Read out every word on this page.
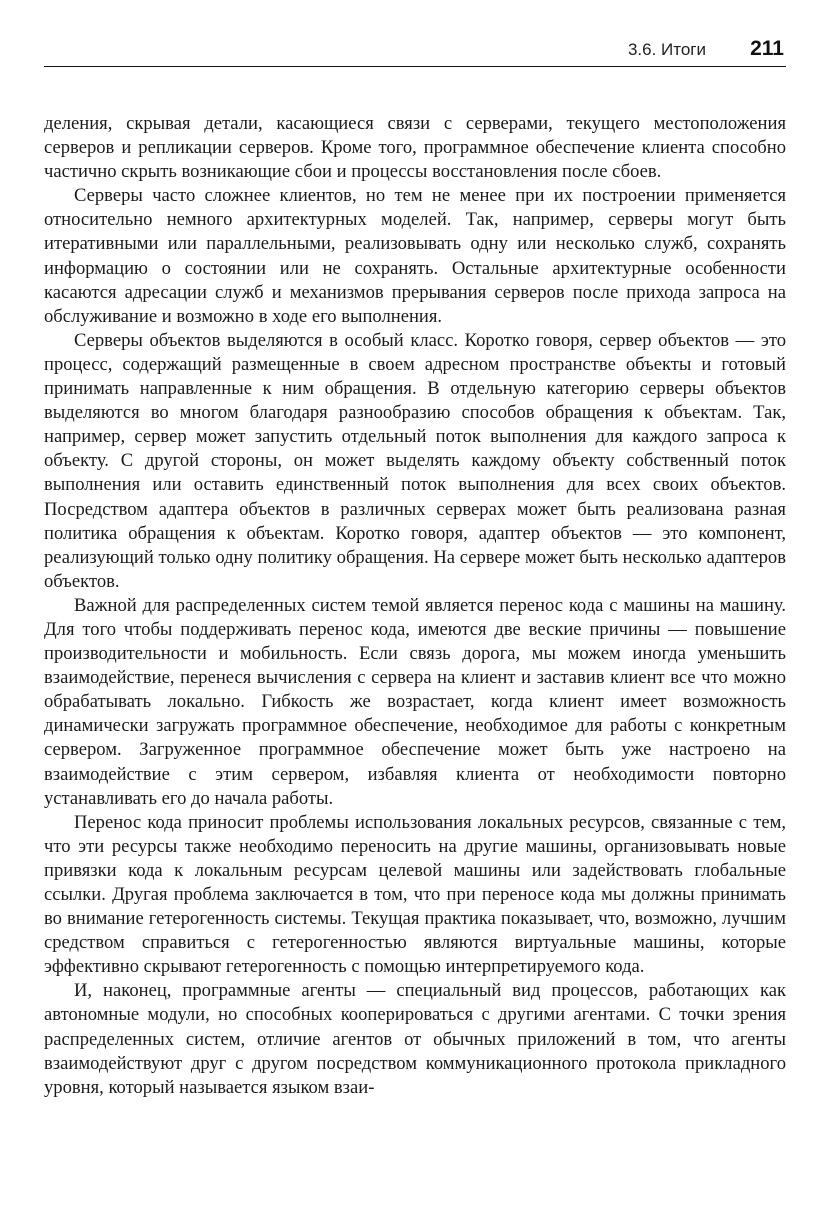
3.6. Итоги 211

деления, скрывая детали, касающиеся связи с серверами, текущего местоположения серверов и репликации серверов. Кроме того, программное обеспечение клиента способно частично скрыть возникающие сбои и процессы восстановления после сбоев.

Серверы часто сложнее клиентов, но тем не менее при их построении применяется относительно немного архитектурных моделей. Так, например, серверы могут быть итеративными или параллельными, реализовывать одну или несколько служб, сохранять информацию о состоянии или не сохранять. Остальные архитектурные особенности касаются адресации служб и механизмов прерывания серверов после прихода запроса на обслуживание и возможно в ходе его выполнения.

Серверы объектов выделяются в особый класс. Коротко говоря, сервер объектов — это процесс, содержащий размещенные в своем адресном пространстве объекты и готовый принимать направленные к ним обращения. В отдельную категорию серверы объектов выделяются во многом благодаря разнообразию способов обращения к объектам. Так, например, сервер может запустить отдельный поток выполнения для каждого запроса к объекту. С другой стороны, он может выделять каждому объекту собственный поток выполнения или оставить единственный поток выполнения для всех своих объектов. Посредством адаптера объектов в различных серверах может быть реализована разная политика обращения к объектам. Коротко говоря, адаптер объектов — это компонент, реализующий только одну политику обращения. На сервере может быть несколько адаптеров объектов.

Важной для распределенных систем темой является перенос кода с машины на машину. Для того чтобы поддерживать перенос кода, имеются две веские причины — повышение производительности и мобильность. Если связь дорога, мы можем иногда уменьшить взаимодействие, перенеся вычисления с сервера на клиент и заставив клиент все что можно обрабатывать локально. Гибкость же возрастает, когда клиент имеет возможность динамически загружать программное обеспечение, необходимое для работы с конкретным сервером. Загруженное программное обеспечение может быть уже настроено на взаимодействие с этим сервером, избавляя клиента от необходимости повторно устанавливать его до начала работы.

Перенос кода приносит проблемы использования локальных ресурсов, связанные с тем, что эти ресурсы также необходимо переносить на другие машины, организовывать новые привязки кода к локальным ресурсам целевой машины или задействовать глобальные ссылки. Другая проблема заключается в том, что при переносе кода мы должны принимать во внимание гетерогенность системы. Текущая практика показывает, что, возможно, лучшим средством справиться с гетерогенностью являются виртуальные машины, которые эффективно скрывают гетерогенность с помощью интерпретируемого кода.

И, наконец, программные агенты — специальный вид процессов, работающих как автономные модули, но способных кооперироваться с другими агентами. С точки зрения распределенных систем, отличие агентов от обычных приложений в том, что агенты взаимодействуют друг с другом посредством коммуникационного протокола прикладного уровня, который называется языком взаи-
